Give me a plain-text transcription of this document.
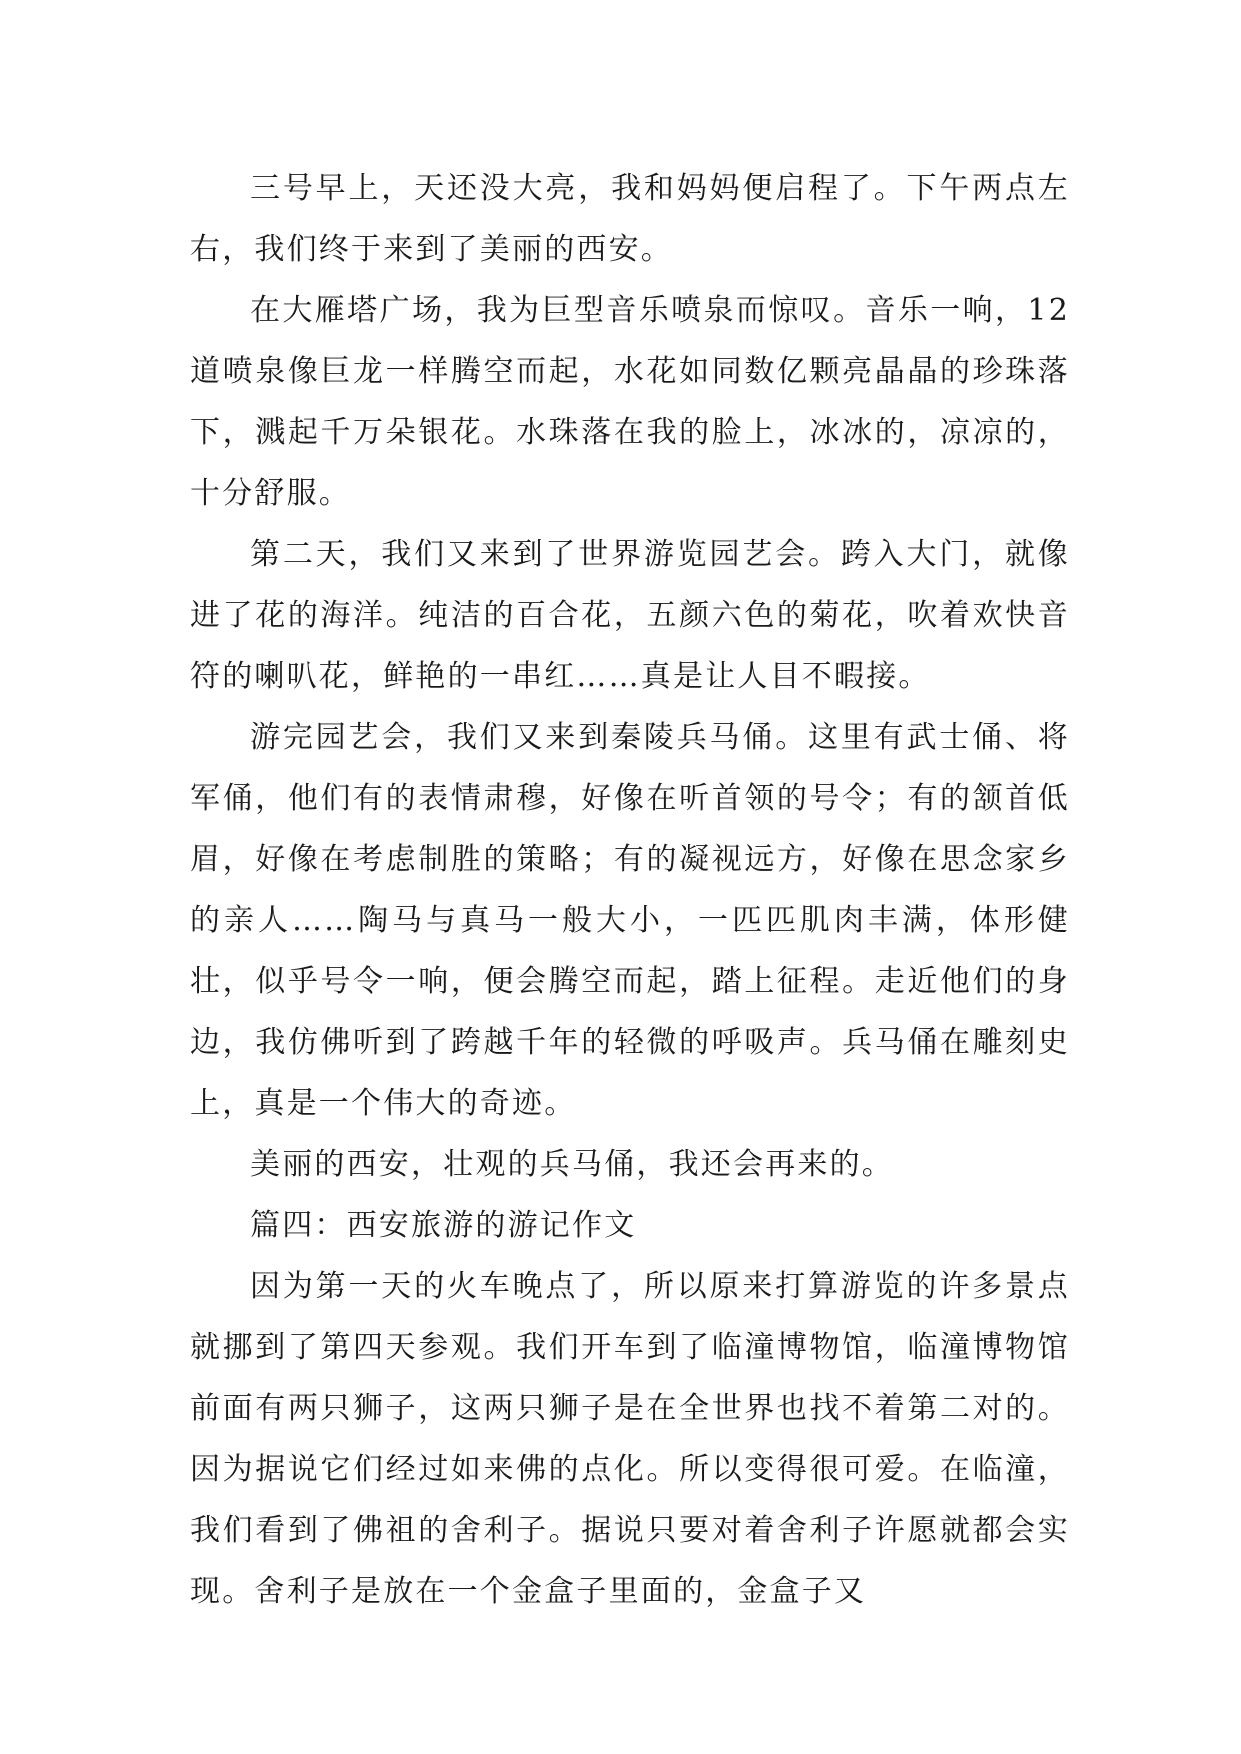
三号早上，天还没大亮，我和妈妈便启程了。下午两点左右，我们终于来到了美丽的西安。

在大雁塔广场，我为巨型音乐喷泉而惊叹。音乐一响，12道喷泉像巨龙一样腾空而起，水花如同数亿颗亮晶晶的珍珠落下，溅起千万朵银花。水珠落在我的脸上，冰冰的，凉凉的，十分舒服。

第二天，我们又来到了世界游览园艺会。跨入大门，就像进了花的海洋。纯洁的百合花，五颜六色的菊花，吹着欢快音符的喇叭花，鲜艳的一串红……真是让人目不暇接。

游完园艺会，我们又来到秦陵兵马俑。这里有武士俑、将军俑，他们有的表情肃穆，好像在听首领的号令；有的颔首低眉，好像在考虑制胜的策略；有的凝视远方，好像在思念家乡的亲人……陶马与真马一般大小，一匹匹肌肉丰满，体形健壮，似乎号令一响，便会腾空而起，踏上征程。走近他们的身边，我仿佛听到了跨越千年的轻微的呼吸声。兵马俑在雕刻史上，真是一个伟大的奇迹。

美丽的西安，壮观的兵马俑，我还会再来的。

篇四：西安旅游的游记作文

因为第一天的火车晚点了，所以原来打算游览的许多景点就挪到了第四天参观。我们开车到了临潼博物馆，临潼博物馆前面有两只狮子，这两只狮子是在全世界也找不着第二对的。因为据说它们经过如来佛的点化。所以变得很可爱。在临潼，我们看到了佛祖的舍利子。据说只要对着舍利子许愿就都会实现。舍利子是放在一个金盒子里面的，金盒子又
